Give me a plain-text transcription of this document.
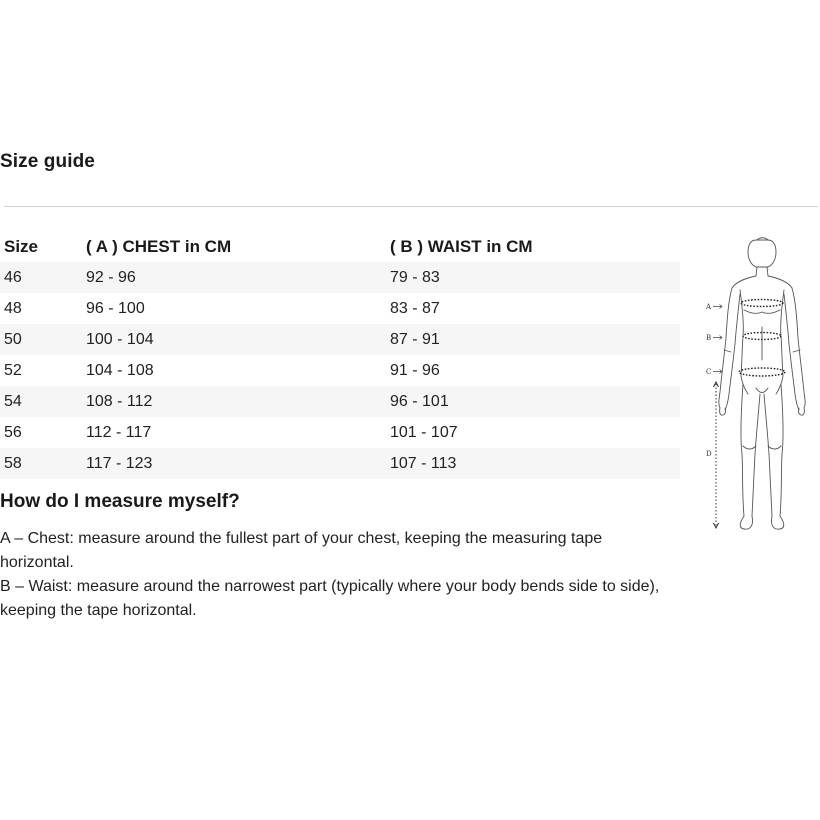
Size guide
Size	( A ) CHEST in CM	( B ) WAIST in CM
46	92 - 96	79 - 83
48	96 - 100	83 - 87
50	100 - 104	87 - 91
52	104 - 108	91 - 96
54	108 - 112	96 - 101
56	112 - 117	101 - 107
58	117 - 123	107 - 113
How do I measure myself?

A – Chest: measure around the fullest part of your chest, keeping the measuring tape horizontal.

B – Waist: measure around the narrowest part (typically where your body bends side to side), keeping the tape horizontal.

A
B
C
D
